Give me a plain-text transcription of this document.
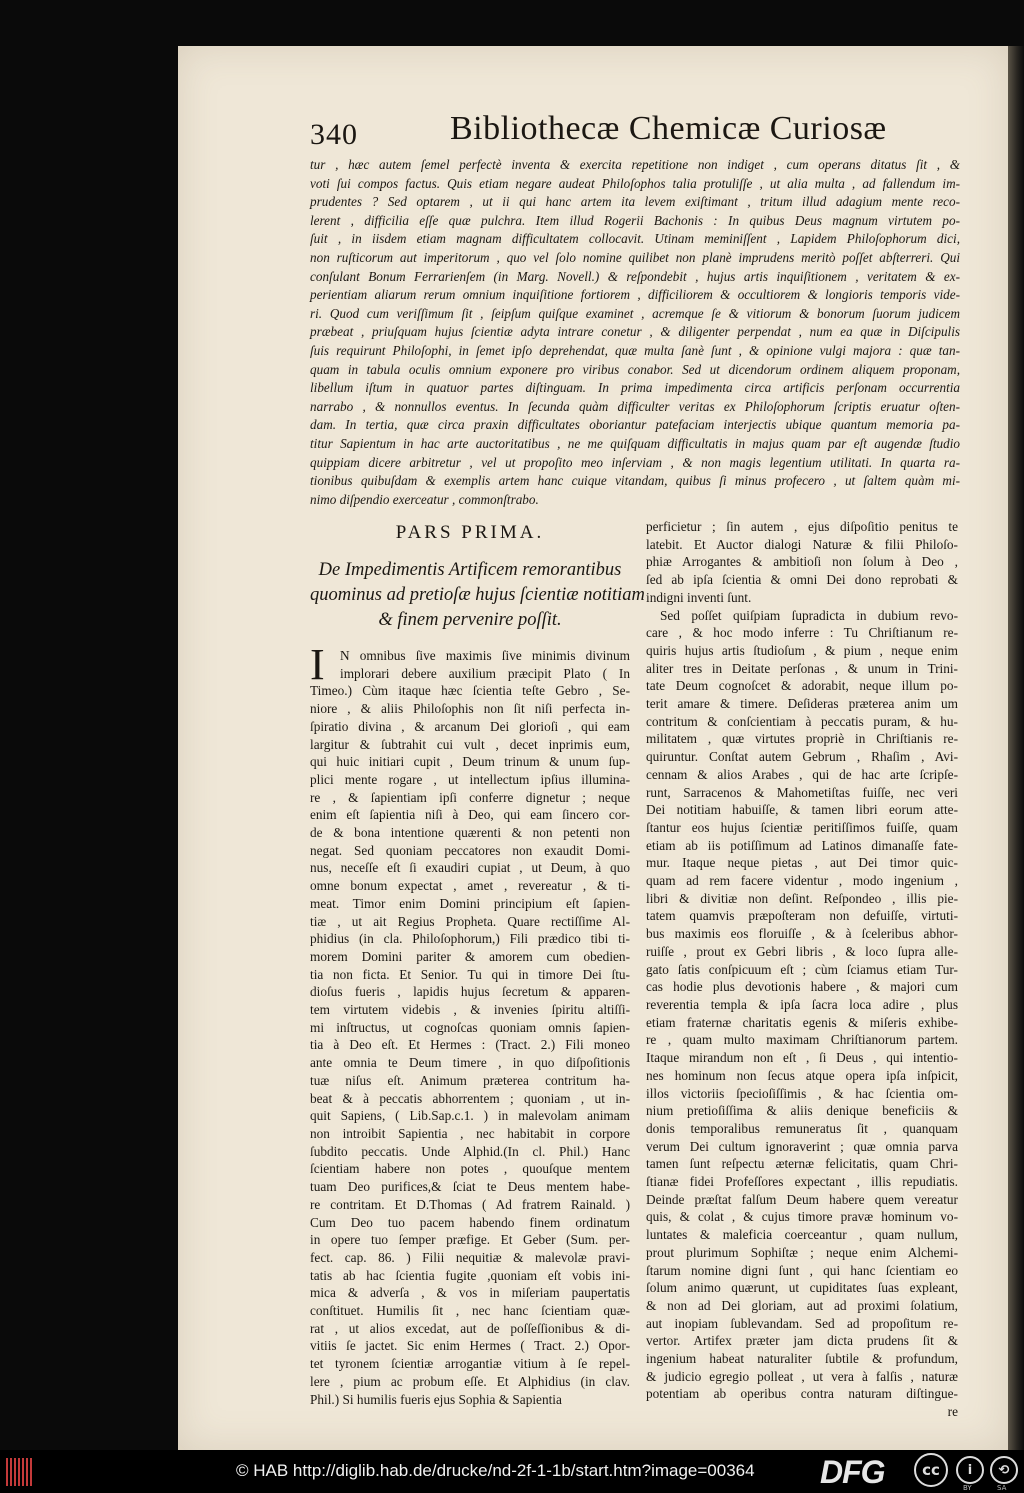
340	Bibliothecæ Chemicæ Curiosæ

tur , hæc autem ſemel perfectè inventa & exercita repetitione non indiget , cum operans ditatus ſit , &

voti ſui compos factus. Quis etiam negare audeat Philoſophos talia protuliſſe , ut alia multa , ad fallendum im-

prudentes ? Sed optarem , ut ii qui hanc artem ita levem exiſtimant , tritum illud adagium mente reco-

lerent , difficilia eſſe quæ pulchra. Item illud Rogerii Bachonis : In quibus Deus magnum virtutem po-

ſuit , in iisdem etiam magnam difficultatem collocavit. Utinam meminiſſent , Lapidem Philoſophorum dici,

non ruſticorum aut imperitorum , quo vel ſolo nomine quilibet non planè imprudens meritò poſſet abſterreri. Qui

conſulant Bonum Ferrarienſem (in Marg. Novell.) & reſpondebit , hujus artis inquiſitionem , veritatem & ex-

perientiam aliarum rerum omnium inquiſitione fortiorem , difficiliorem & occultiorem & longioris temporis vide-

ri. Quod cum veriſſimum ſit , ſeipſum quiſque examinet , acremque ſe & vitiorum & bonorum ſuorum judicem

præbeat , priuſquam hujus ſcientiæ adyta intrare conetur , & diligenter perpendat , num ea quæ in Diſcipulis

ſuis requirunt Philoſophi, in ſemet ipſo deprehendat, quæ multa ſanè ſunt , & opinione vulgi majora : quæ tan-

quam in tabula oculis omnium exponere pro viribus conabor. Sed ut dicendorum ordinem aliquem proponam,

libellum iſtum in quatuor partes diſtinguam. In prima impedimenta circa artificis perſonam occurrentia

narrabo , & nonnullos eventus. In ſecunda quàm difficulter veritas ex Philoſophorum ſcriptis eruatur oſten-

dam. In tertia, quæ circa praxin difficultates oboriantur patefaciam interjectis ubique quantum memoria pa-

titur Sapientum in hac arte auctoritatibus , ne me quiſquam difficultatis in majus quam par eſt augendæ ſtudio

quippiam dicere arbitretur , vel ut propoſito meo inſerviam , & non magis legentium utilitati. In quarta ra-

tionibus quibuſdam & exemplis artem hanc cuique vitandam, quibus ſi minus profecero , ut ſaltem quàm mi-

nimo diſpendio exerceatur , commonſtrabo.

PARS PRIMA.

De Impedimentis Artificem remorantibus

quominus ad pretioſæ hujus ſcientiæ notitiam

& finem pervenire poſſit.

I	N omnibus ſive maximis ſive minimis divinum

implorari debere auxilium præcipit Plato ( In

Timeo.) Cùm itaque hæc ſcientia teſte Gebro , Se-

niore , & aliis Philoſophis non ſit niſi perfecta in-

ſpiratio divina , & arcanum Dei glorioſi , qui eam

largitur & ſubtrahit cui vult , decet inprimis eum,

qui huic initiari cupit , Deum trinum & unum ſup-

plici mente rogare , ut intellectum ipſius illumina-

re , & ſapientiam ipſi conferre dignetur ; neque

enim eſt ſapientia niſi à Deo, qui eam ſincero cor-

de & bona intentione quærenti & non petenti non

negat. Sed quoniam peccatores non exaudit Domi-

nus, neceſſe eſt ſi exaudiri cupiat , ut Deum, à quo

omne bonum expectat , amet , revereatur , & ti-

meat. Timor enim Domini principium eſt ſapien-

tiæ , ut ait Regius Propheta. Quare rectiſſime Al-

phidius (in cla. Philoſophorum,) Fili prædico tibi ti-

morem Domini pariter & amorem cum obedien-

tia non ficta. Et Senior. Tu qui in timore Dei ſtu-

dioſus fueris , lapidis hujus ſecretum & apparen-

tem virtutem videbis , & invenies ſpiritu altiſſi-

mi inſtructus, ut cognoſcas quoniam omnis ſapien-

tia à Deo eſt. Et Hermes : (Tract. 2.) Fili moneo

ante omnia te Deum timere , in quo diſpoſitionis

tuæ niſus eſt. Animum præterea contritum ha-

beat & à peccatis abhorrentem ; quoniam , ut in-

quit Sapiens, ( Lib.Sap.c.1. ) in malevolam animam

non introibit Sapientia , nec habitabit in corpore

ſubdito peccatis. Unde Alphid.(In cl. Phil.) Hanc

ſcientiam habere non potes , quouſque mentem

tuam Deo purifices,& ſciat te Deus mentem habe-

re contritam. Et D.Thomas ( Ad fratrem Rainald. )

Cum Deo tuo pacem habendo finem ordinatum

in opere tuo ſemper præfige. Et Geber (Sum. per-

fect. cap. 86. ) Filii nequitiæ & malevolæ pravi-

tatis ab hac ſcientia fugite ,quoniam eſt vobis ini-

mica & adverſa , & vos in miſeriam paupertatis

conſtituet. Humilis ſit , nec hanc ſcientiam quæ-

rat , ut alios excedat, aut de poſſeſſionibus & di-

vitiis ſe jactet. Sic enim Hermes ( Tract. 2.) Opor-

tet tyronem ſcientiæ arrogantiæ vitium à ſe repel-

lere , pium ac probum eſſe. Et Alphidius (in clav.

Phil.) Si humilis fueris ejus Sophia & Sapientia

perficietur ; ſin autem , ejus diſpoſitio penitus te

latebit. Et Auctor dialogi Naturæ & filii Philoſo-

phiæ Arrogantes & ambitioſi non ſolum à Deo ,

ſed ab ipſa ſcientia & omni Dei dono reprobati &

indigni inventi ſunt.

Sed poſſet quiſpiam ſupradicta in dubium revo-

care , & hoc modo inferre : Tu Chriſtianum re-

quiris hujus artis ſtudioſum , & pium , neque enim

aliter tres in Deitate perſonas , & unum in Trini-

tate Deum cognoſcet & adorabit, neque illum po-

terit amare & timere. Deſideras præterea anim um

contritum & conſcientiam à peccatis puram, & hu-

militatem , quæ virtutes propriè in Chriſtianis re-

quiruntur. Conſtat autem Gebrum , Rhaſim , Avi-

cennam & alios Arabes , qui de hac arte ſcripſe-

runt, Sarracenos & Mahometiſtas fuiſſe, nec veri

Dei notitiam habuiſſe, & tamen libri eorum atte-

ſtantur eos hujus ſcientiæ peritiſſimos fuiſſe, quam

etiam ab iis potiſſimum ad Latinos dimanaſſe fate-

mur. Itaque neque pietas , aut Dei timor quic-

quam ad rem facere videntur , modo ingenium ,

libri & divitiæ non deſint. Reſpondeo , illis pie-

tatem quamvis præpoſteram non defuiſſe, virtuti-

bus maximis eos floruiſſe , & à ſceleribus abhor-

ruiſſe , prout ex Gebri libris , & loco ſupra alle-

gato ſatis conſpicuum eſt ; cùm ſciamus etiam Tur-

cas hodie plus devotionis habere , & majori cum

reverentia templa & ipſa ſacra loca adire , plus

etiam fraternæ charitatis egenis & miſeris exhibe-

re , quam multo maximam Chriſtianorum partem.

Itaque mirandum non eſt , ſi Deus , qui intentio-

nes hominum non ſecus atque opera ipſa inſpicit,

illos victoriis ſpecioſiſſimis , & hac ſcientia om-

nium pretioſiſſima & aliis denique beneficiis &

donis temporalibus remuneratus ſit , quanquam

verum Dei cultum ignoraverint ; quæ omnia parva

tamen ſunt reſpectu æternæ felicitatis, quam Chri-

ſtianæ fidei Profeſſores expectant , illis repudiatis.

Deinde præſtat falſum Deum habere quem vereatur

quis, & colat , & cujus timore pravæ hominum vo-

luntates & maleficia coerceantur , quam nullum,

prout plurimum Sophiſtæ ; neque enim Alchemi-

ſtarum nomine digni ſunt , qui hanc ſcientiam eo

ſolum animo quærunt, ut cupiditates ſuas expleant,

& non ad Dei gloriam, aut ad proximi ſolatium,

aut inopiam ſublevandam. Sed ad propoſitum re-

vertor. Artifex præter jam dicta prudens ſit &

ingenium habeat naturaliter ſubtile & profundum,

& judicio egregio polleat , ut vera à falſis , naturæ

potentiam ab operibus contra naturam diſtingue-

re

© HAB http://diglib.hab.de/drucke/nd-2f-1-1b/start.htm?image=00364 DFG	cc	i
BY
⟲
SA
